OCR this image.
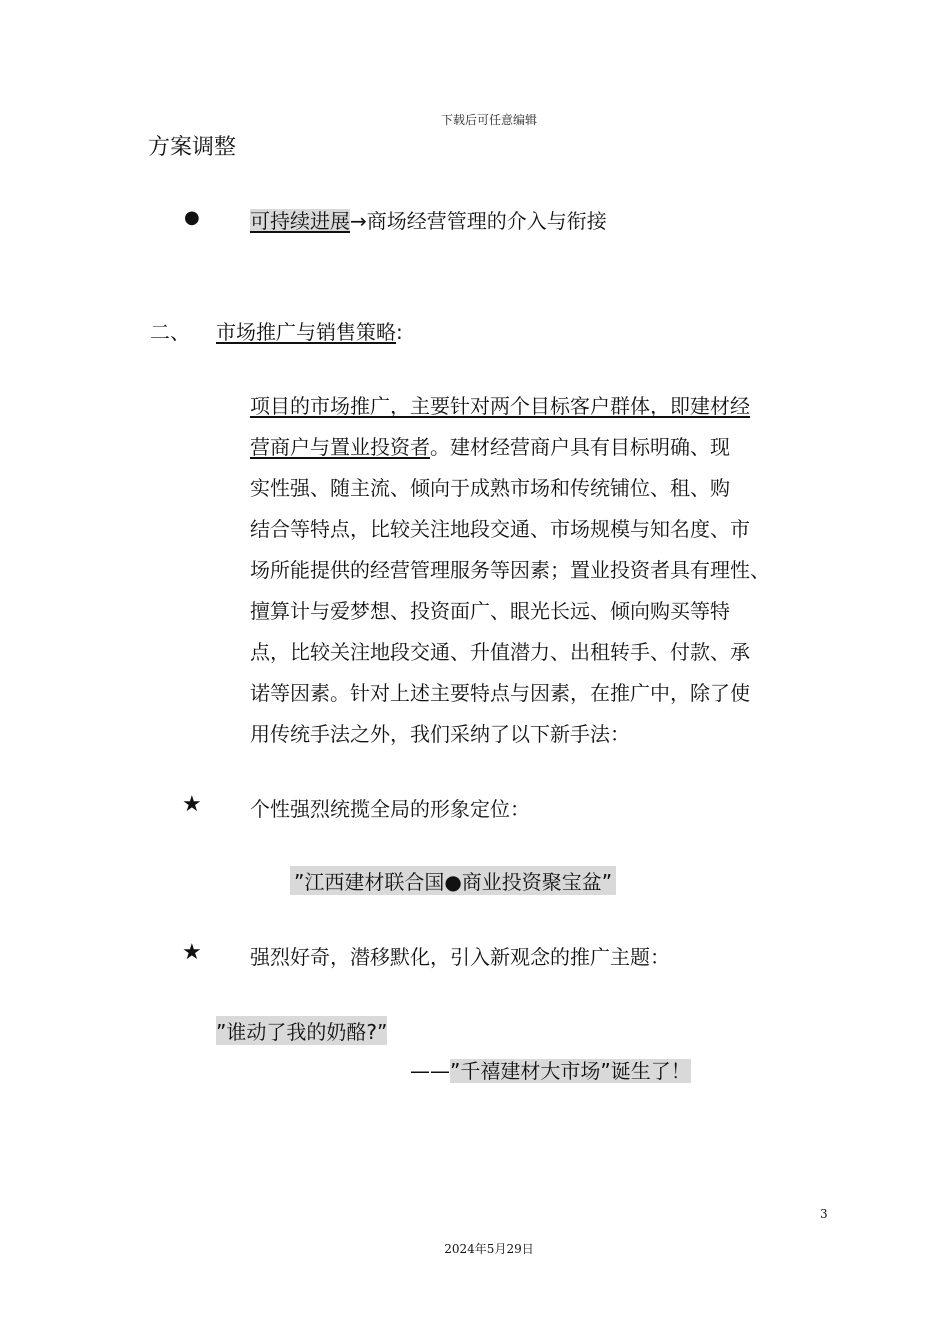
下载后可任意编辑
方案调整
●	可持续进展→商场经营管理的介入与衔接
二、 市场推广与销售策略:
项目的市场推广，主要针对两个目标客户群体，即建材经
营商户与置业投资者。建材经营商户具有目标明确、现
实性强、随主流、倾向于成熟市场和传统铺位、租、购
结合等特点，比较关注地段交通、市场规模与知名度、市
场所能提供的经营管理服务等因素；置业投资者具有理性、
擅算计与爱梦想、投资面广、眼光长远、倾向购买等特
点，比较关注地段交通、升值潜力、出租转手、付款、承
诺等因素。针对上述主要特点与因素，在推广中，除了使
用传统手法之外，我们采纳了以下新手法：
★ 个性强烈统揽全局的形象定位：
”江西建材联合国●商业投资聚宝盆”
★ 强烈好奇，潜移默化，引入新观念的推广主题：
”谁动了我的奶酪?”
——”千禧建材大市场”诞生了！
3
2024年5月29日
